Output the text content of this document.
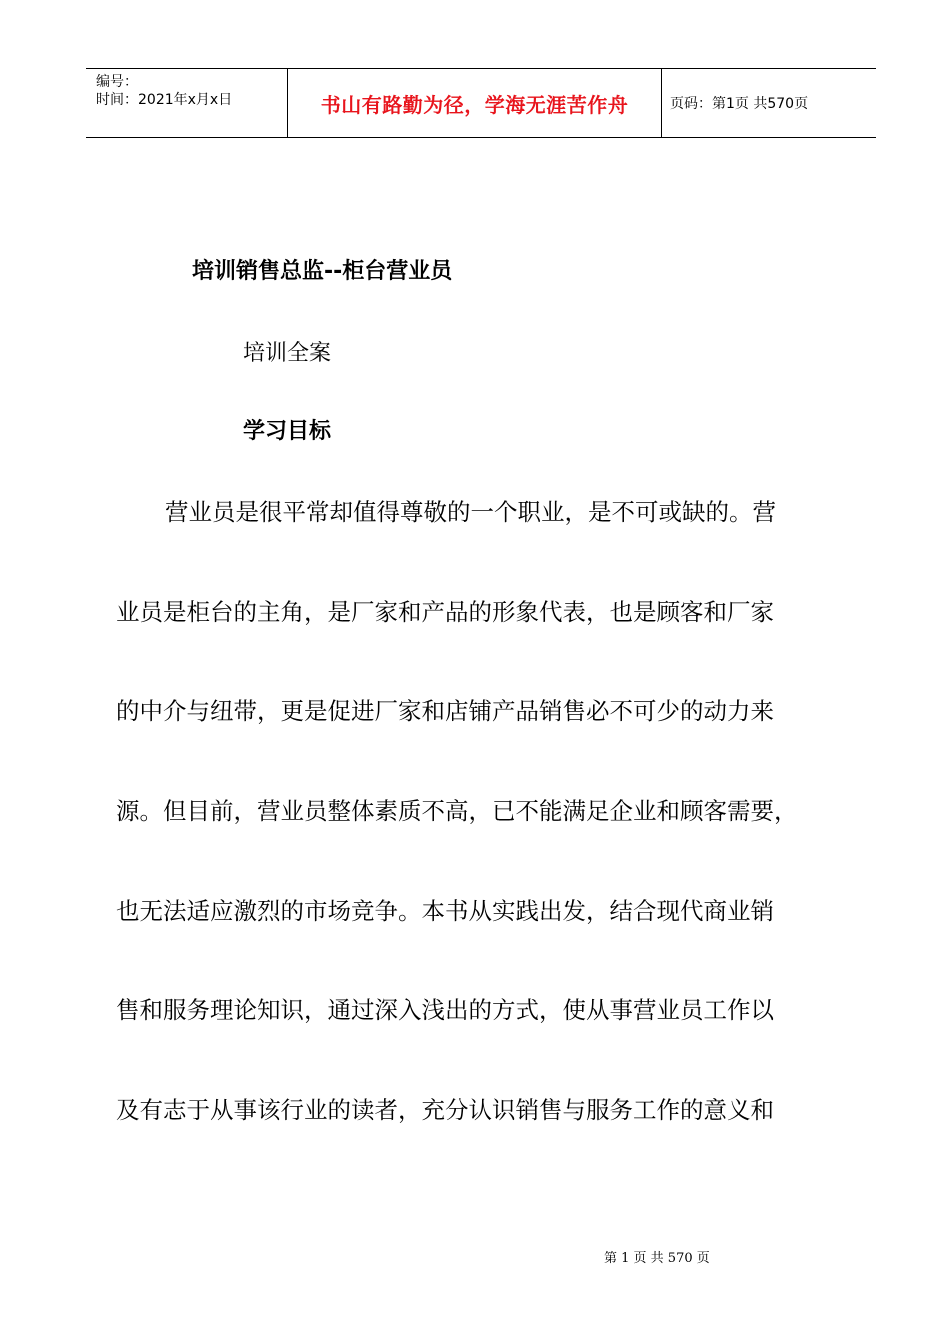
编号：
时间：2021年x月x日	书山有路勤为径，学海无涯苦作舟	页码：第1页 共570页
培训销售总监--柜台营业员
培训全案
学习目标
营业员是很平常却值得尊敬的一个职业，是不可或缺的。营
业员是柜台的主角，是厂家和产品的形象代表，也是顾客和厂家
的中介与纽带，更是促进厂家和店铺产品销售必不可少的动力来
源。但目前，营业员整体素质不高，已不能满足企业和顾客需要，
也无法适应激烈的市场竞争。本书从实践出发，结合现代商业销
售和服务理论知识，通过深入浅出的方式，使从事营业员工作以
及有志于从事该行业的读者，充分认识销售与服务工作的意义和
第 1 页 共 570 页
